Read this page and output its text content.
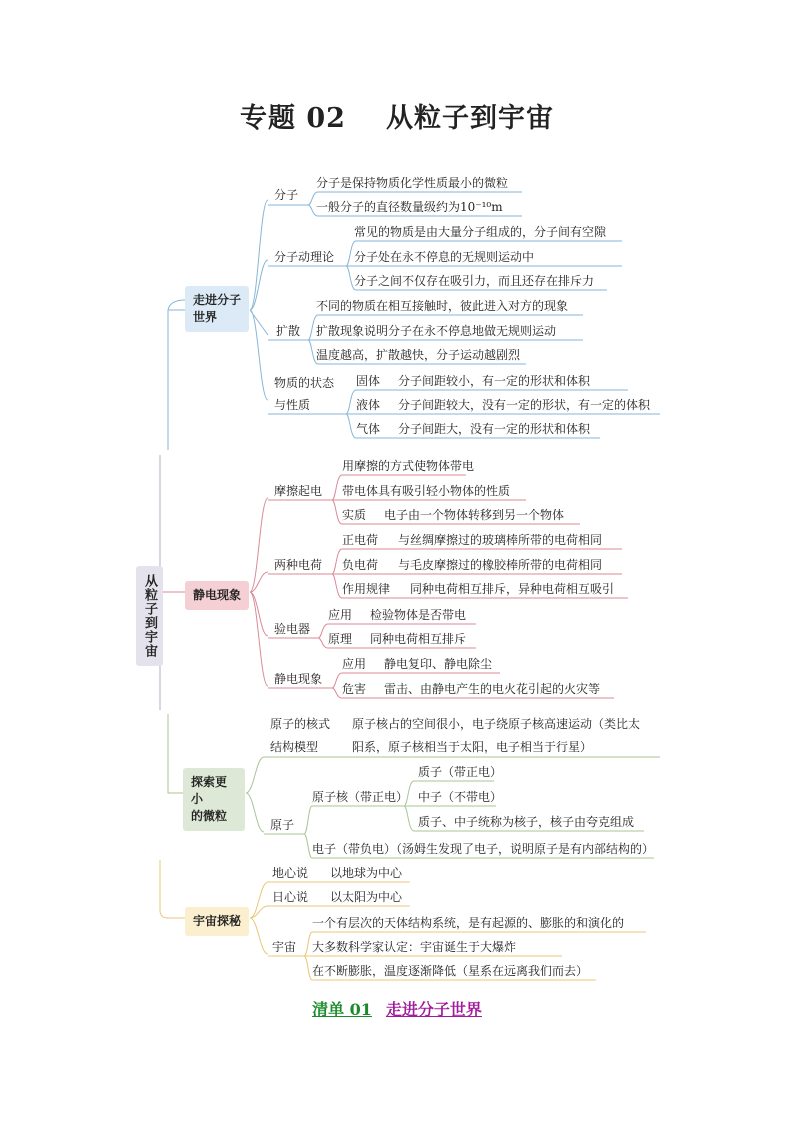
专题 02 从粒子到宇宙
从粒子到宇宙
走进分子世界
分子
分子是保持物质化学性质最小的微粒
一般分子的直径数量级约为10⁻¹⁰m
分子动理论
常见的物质是由大量分子组成的，分子间有空隙
分子处在永不停息的无规则运动中
分子之间不仅存在吸引力，而且还存在排斥力
扩散
不同的物质在相互接触时，彼此进入对方的现象
扩散现象说明分子在永不停息地做无规则运动
温度越高，扩散越快，分子运动越剧烈
物质的状态
与性质
固体 分子间距较小，有一定的形状和体积
液体 分子间距较大，没有一定的形状，有一定的体积
气体 分子间距大，没有一定的形状和体积
静电现象
摩擦起电
用摩擦的方式使物体带电
带电体具有吸引轻小物体的性质
实质 电子由一个物体转移到另一个物体
两种电荷
正电荷 与丝绸摩擦过的玻璃棒所带的电荷相同
负电荷 与毛皮摩擦过的橡胶棒所带的电荷相同
作用规律 同种电荷相互排斥，异种电荷相互吸引
验电器
应用 检验物体是否带电
原理 同种电荷相互排斥
静电现象
应用 静电复印、静电除尘
危害 雷击、由静电产生的电火花引起的火灾等
探索更小
的微粒
原子的核式
结构模型
原子核占的空间很小，电子绕原子核高速运动（类比太
阳系，原子核相当于太阳，电子相当于行星）
原子
原子核（带正电）
质子（带正电）
中子（不带电）
质子、中子统称为核子，核子由夸克组成
电子（带负电）（汤姆生发现了电子，说明原子是有内部结构的）
宇宙探秘
地心说 以地球为中心
日心说 以太阳为中心
宇宙
一个有层次的天体结构系统，是有起源的、膨胀的和演化的
大多数科学家认定：宇宙诞生于大爆炸
在不断膨胀，温度逐渐降低（星系在远离我们而去）
清单 01 走进分子世界
